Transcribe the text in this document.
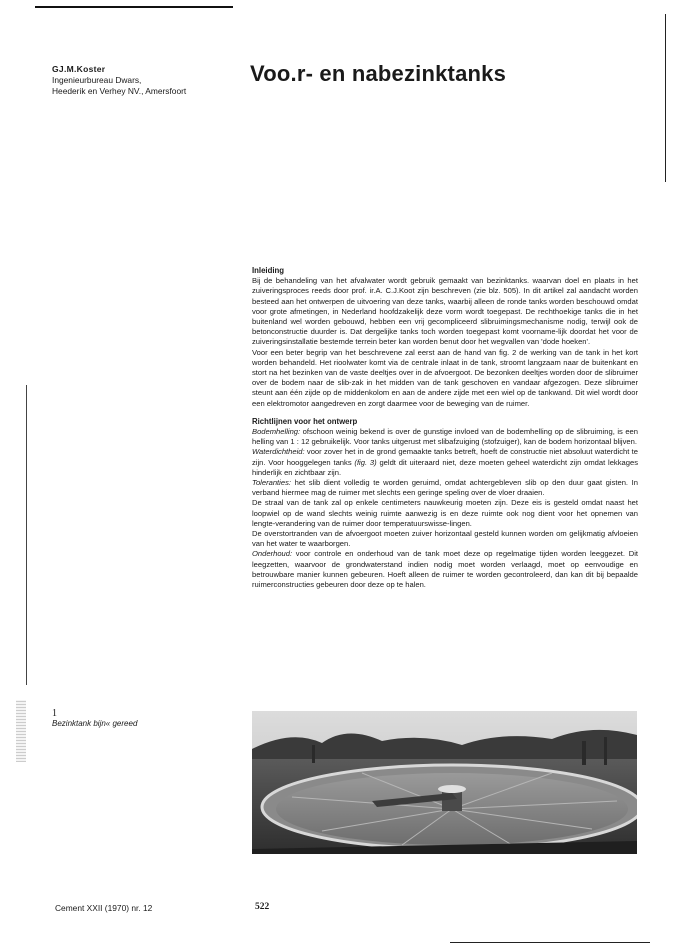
GJ.M.Koster
Ingenieurbureau Dwars,
Heederik en Verhey NV., Amersfoort
Voo.r- en nabezinktanks
Inleiding

Bij de behandeling van het afvalwater wordt gebruik gemaakt van bezinktanks. waarvan doel en plaats in het zuiveringsproces reeds door prof. ir.A. C.J.Koot zijn beschreven (zie blz. 505). In dit artikel zal aandacht worden besteed aan het ontwerpen de uitvoering van deze tanks, waarbij alleen de ronde tanks worden beschouwd omdat voor grote afmetingen, in Nederland hoofdzakelijk deze vorm wordt toegepast. De rechthoekige tanks die in het buitenland wel worden gebouwd, hebben een vrij gecompliceerd slibruimingsmechanisme nodig, terwijl ook de betonconstructie duurder is. Dat dergelijke tanks toch worden toegepast komt voorname-lijk doordat het voor de zuiveringsinstallatie bestemde terrein beter kan worden benut door het wegvallen van 'dode hoeken'.

Voor een beter begrip van het beschrevene zal eerst aan de hand van fig. 2 de werking van de tank in het kort worden behandeld. Het rioolwater komt via de centrale inlaat in de tank, stroomt langzaam naar de buitenkant en stort na het bezinken van de vaste deeltjes over in de afvoergoot. De bezonken deeltjes worden door de slibruimer over de bodem naar de slib-zak in het midden van de tank geschoven en vandaar afgezogen. Deze slibruimer steunt aan één zijde op de middenkolom en aan de andere zijde met een wiel op de tankwand. Dit wiel wordt door een elektromotor aangedreven en zorgt daarmee voor de beweging van de ruimer.

Richtlijnen voor het ontwerp

Bodemhelling: ofschoon weinig bekend is over de gunstige invloed van de bodemhelling op de slibruiming, is een helling van 1 : 12 gebruikelijk. Voor tanks uitgerust met slibafzuiging (stofzuiger), kan de bodem horizontaal blijven.

Waterdichtheid: voor zover het in de grond gemaakte tanks betreft, hoeft de constructie niet absoluut waterdicht te zijn. Voor hooggelegen tanks (fig. 3) geldt dit uiteraard niet, deze moeten geheel waterdicht zijn omdat lekkages hinderlijk en zichtbaar zijn.

Toleranties: het slib dient volledig te worden geruimd, omdat achtergebleven slib op den duur gaat gisten. In verband hiermee mag de ruimer met slechts een geringe speling over de vloer draaien.

De straal van de tank zal op enkele centimeters nauwkeurig moeten zijn. Deze eis is gesteld omdat naast het loopwiel op de wand slechts weinig ruimte aanwezig is en deze ruimte ook nog dient voor het opnemen van lengte-verandering van de ruimer door temperatuurswisse-lingen.

De overstortranden van de afvoergoot moeten zuiver horizontaal gesteld kunnen worden om gelijkmatig afvloeien van het water te waarborgen.

Onderhoud: voor controle en onderhoud van de tank moet deze op regelmatige tijden worden leeggezet. Dit leegzetten, waarvoor de grondwaterstand indien nodig moet worden verlaagd, moet op eenvoudige en betrouwbare manier kunnen gebeuren. Hoeft alleen de ruimer te worden gecontroleerd, dan kan dit bij bepaalde ruimerconstructies gebeuren door deze op te halen.

1
Bezinktank bijn« gereed
Cement XXII (1970) nr. 12	522
